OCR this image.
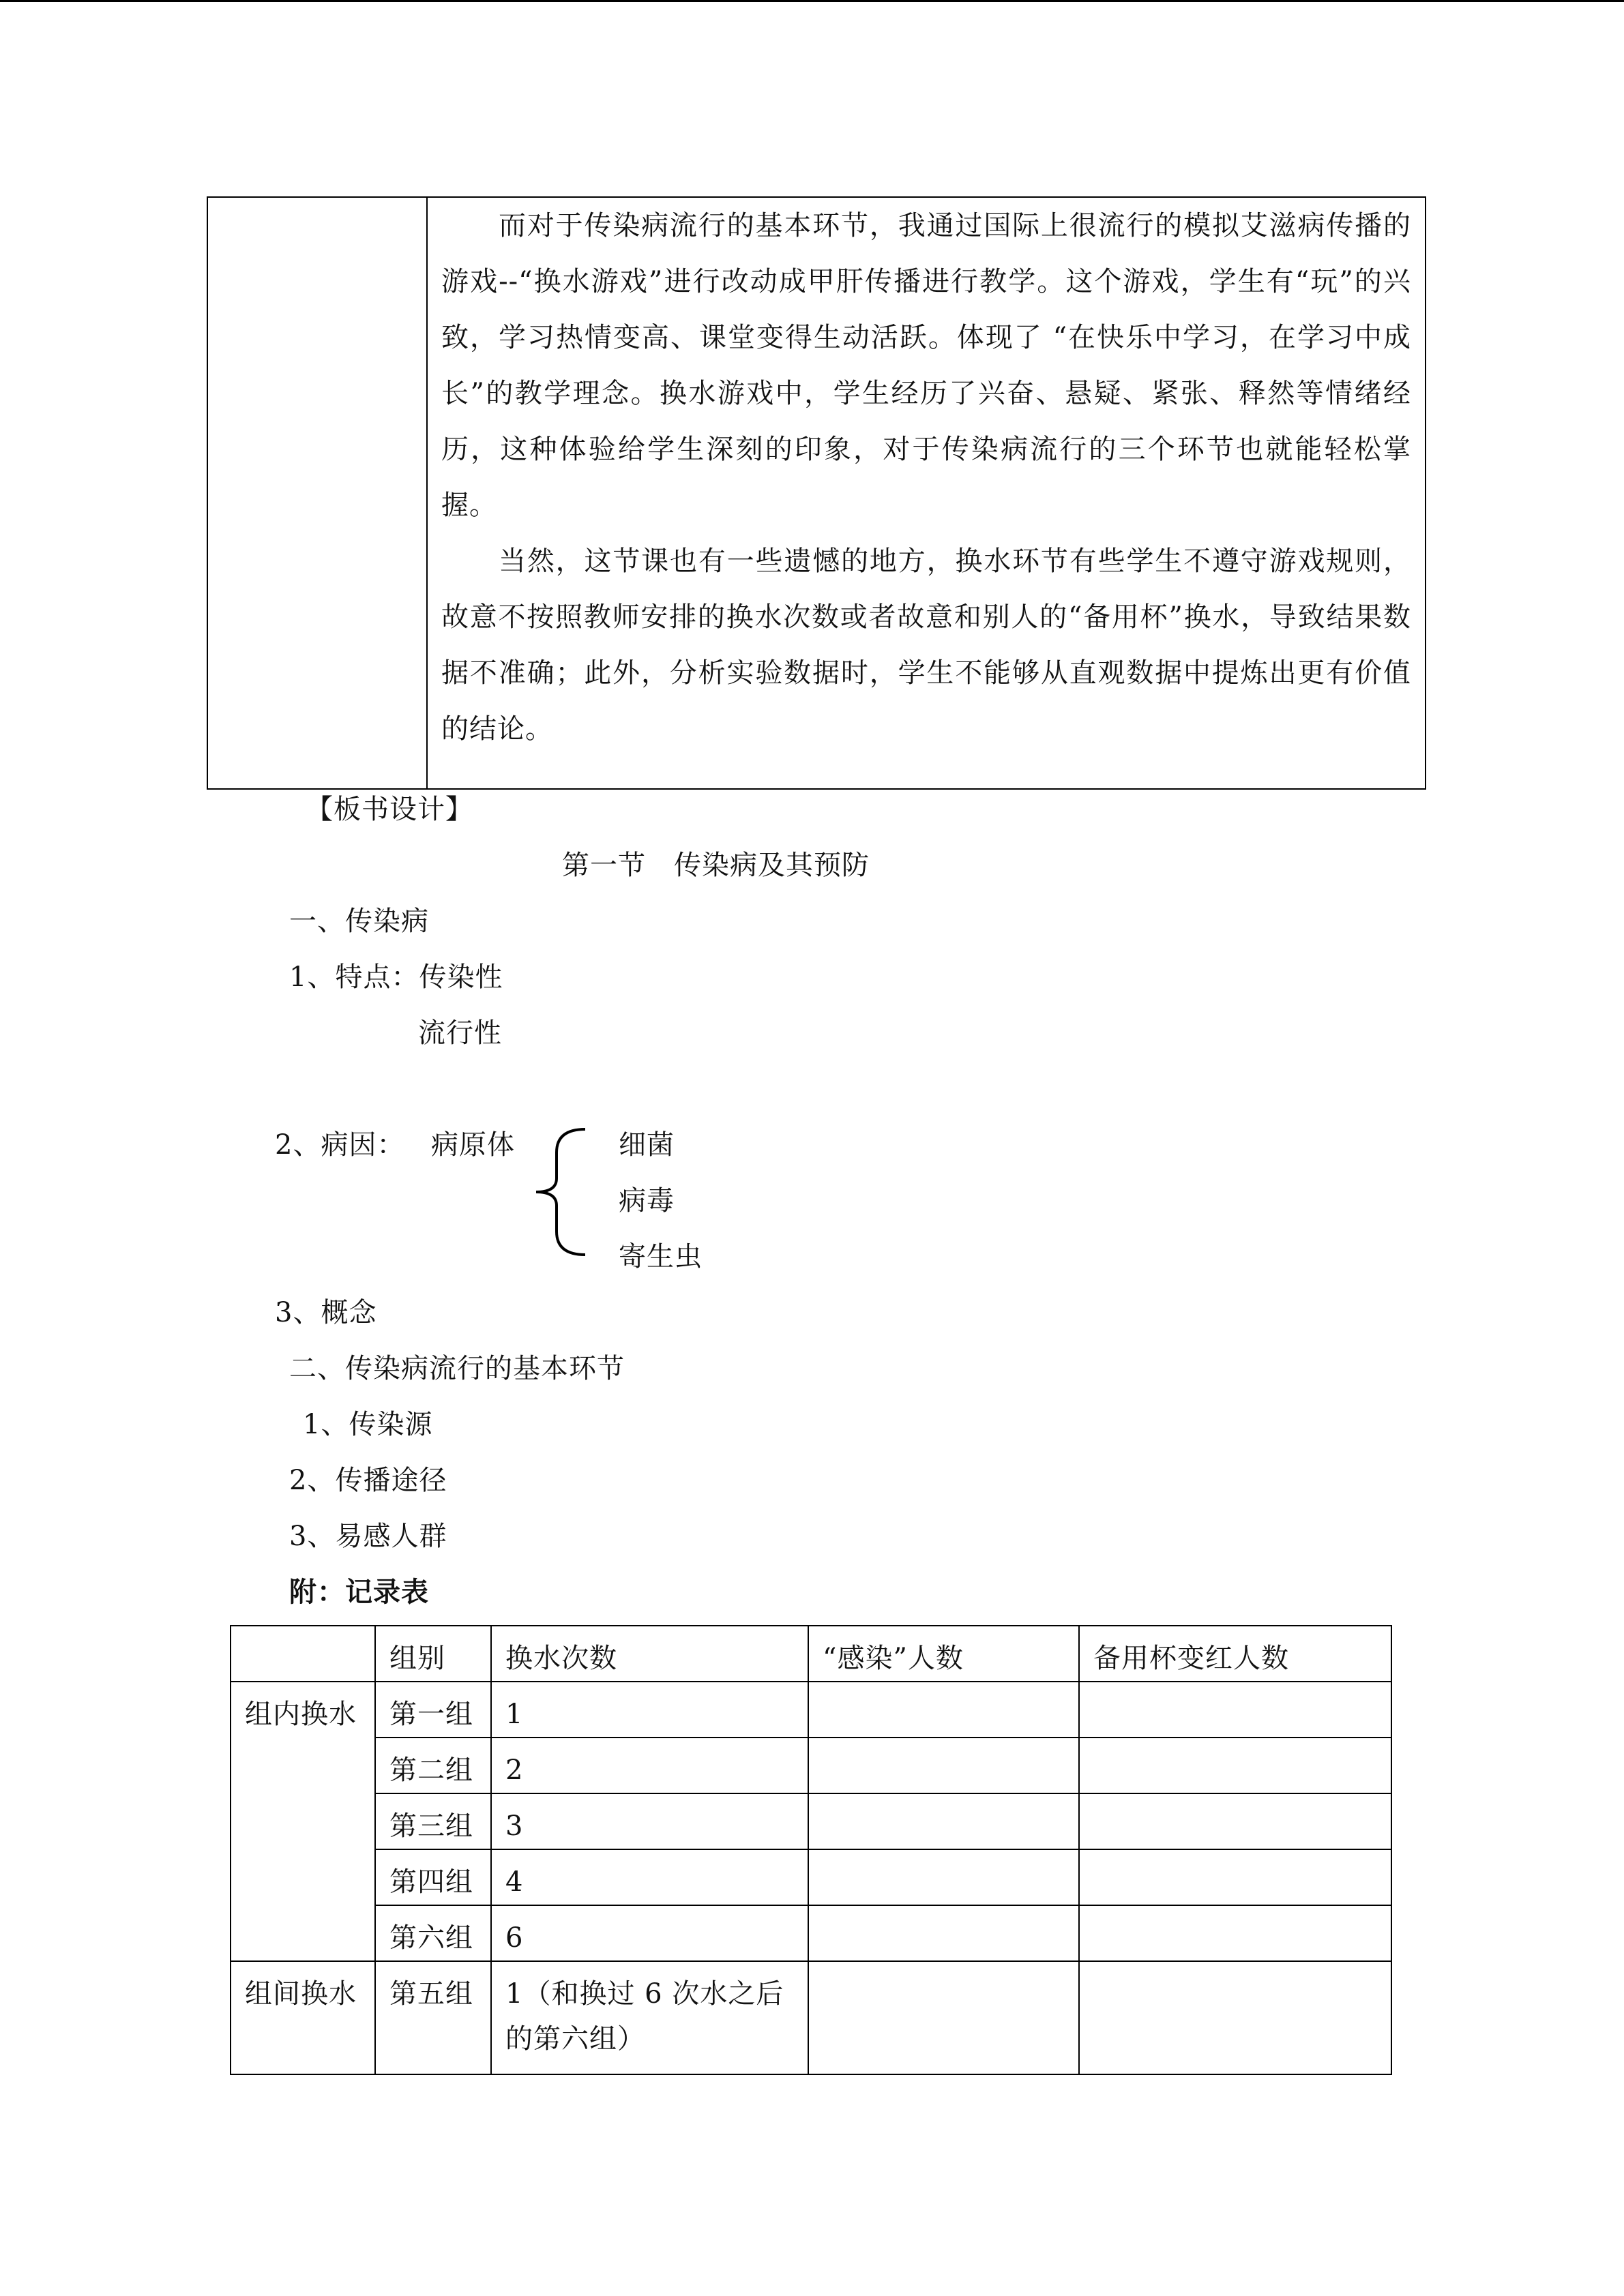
而对于传染病流行的基本环节，我通过国际上很流行的模拟艾滋病传播的游戏--“换水游戏”进行改动成甲肝传播进行教学。这个游戏，学生有“玩”的兴致，学习热情变高、课堂变得生动活跃。体现了 “在快乐中学习，在学习中成长”的教学理念。换水游戏中，学生经历了兴奋、悬疑、紧张、释然等情绪经历，这种体验给学生深刻的印象，对于传染病流行的三个环节也就能轻松掌握。

当然，这节课也有一些遗憾的地方，换水环节有些学生不遵守游戏规则，故意不按照教师安排的换水次数或者故意和别人的“备用杯”换水，导致结果数据不准确；此外，分析实验数据时，学生不能够从直观数据中提炼出更有价值的结论。

【板书设计】
第一节　传染病及其预防
一、传染病
1、特点：传染性
流行性
2、病因： 病原体	细菌
病毒
寄生虫
3、概念
二、传染病流行的基本环节
1、传染源
2、传播途径
3、易感人群
附：记录表
	组别	换水次数	“感染”人数	备用杯变红人数
组内换水	第一组	1		
	第二组	2		
	第三组	3		
	第四组	4		
	第六组	6		
组间换水	第五组	1（和换过 6 次水之后的第六组）		
